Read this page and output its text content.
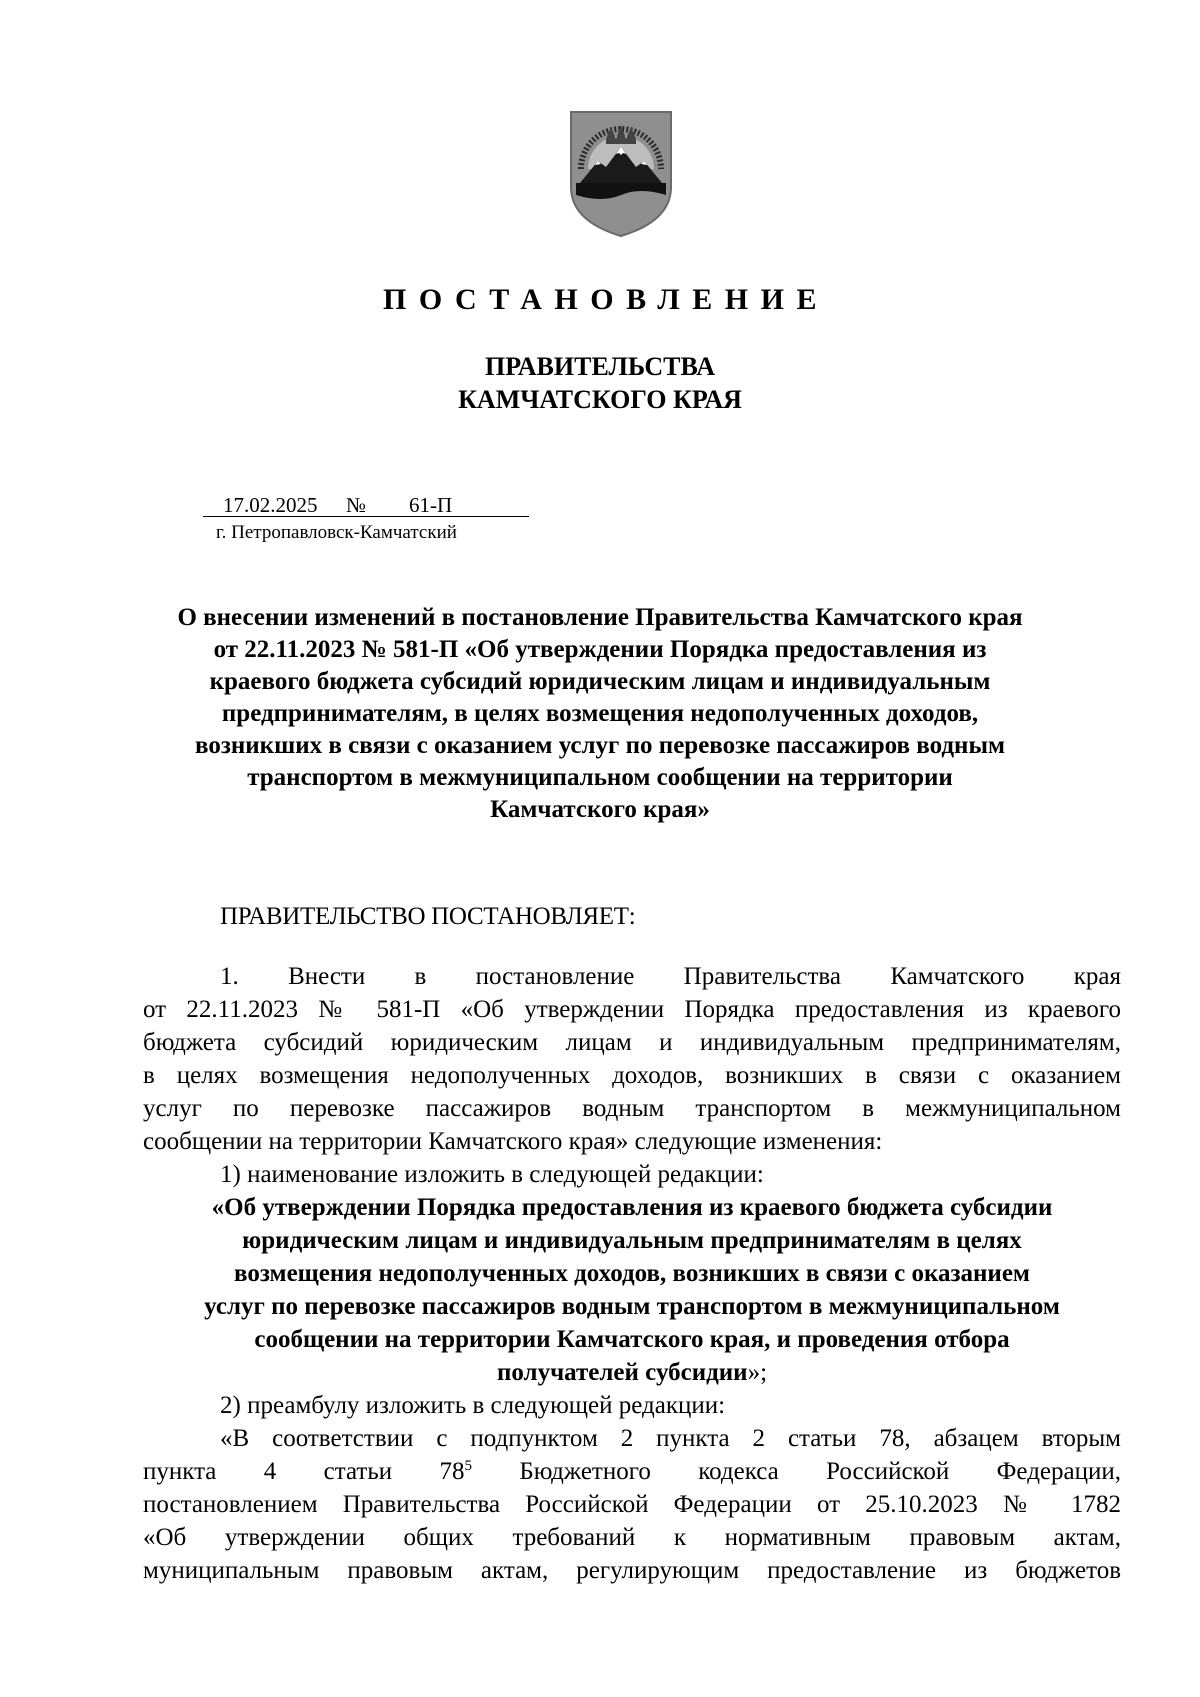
ПОСТАНОВЛЕНИЕ
ПРАВИТЕЛЬСТВА
КАМЧАТСКОГО КРАЯ
17.02.2025 № 61-П
г. Петропавловск-Камчатский
О внесении изменений в постановление Правительства Камчатского края
от 22.11.2023 № 581-П «Об утверждении Порядка предоставления из
краевого бюджета субсидий юридическим лицам и индивидуальным
предпринимателям, в целях возмещения недополученных доходов,
возникших в связи с оказанием услуг по перевозке пассажиров водным
транспортом в межмуниципальном сообщении на территории
Камчатского края»
ПРАВИТЕЛЬСТВО ПОСТАНОВЛЯЕТ:
1. Внести в постановление Правительства Камчатского края
от 22.11.2023 № 581-П «Об утверждении Порядка предоставления из краевого
бюджета субсидий юридическим лицам и индивидуальным предпринимателям,
в целях возмещения недополученных доходов, возникших в связи с оказанием
услуг по перевозке пассажиров водным транспортом в межмуниципальном
сообщении на территории Камчатского края» следующие изменения:
1) наименование изложить в следующей редакции:
«Об утверждении Порядка предоставления из краевого бюджета субсидии
юридическим лицам и индивидуальным предпринимателям в целях
возмещения недополученных доходов, возникших в связи с оказанием
услуг по перевозке пассажиров водным транспортом в межмуниципальном
сообщении на территории Камчатского края, и проведения отбора
получателей субсидии»;
2) преамбулу изложить в следующей редакции:
«В соответствии с подпунктом 2 пункта 2 статьи 78, абзацем вторым
пункта 4 статьи $78^5$ Бюджетного кодекса Российской Федерации,
постановлением Правительства Российской Федерации от 25.10.2023 № 1782
«Об утверждении общих требований к нормативным правовым актам,
муниципальным правовым актам, регулирующим предоставление из бюджетов
